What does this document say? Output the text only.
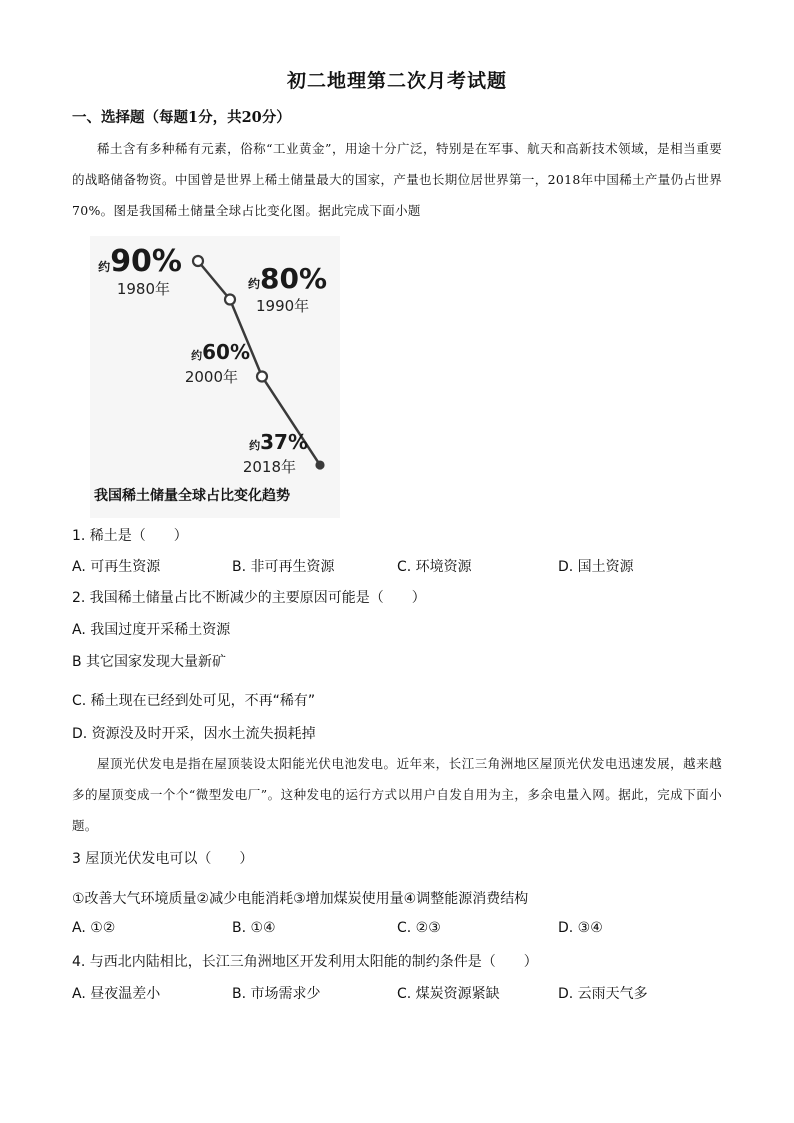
初二地理第二次月考试题
一、选择题（每题1分，共20分）
稀土含有多种稀有元素，俗称“工业黄金”，用途十分广泛，特别是在军事、航天和高新技术领域，是相当重要的战略储备物资。中国曾是世界上稀土储量最大的国家，产量也长期位居世界第一，2018年中国稀土产量仍占世界70%。图是我国稀土储量全球占比变化图。据此完成下面小题
约90%
1980年	约80%
1990年
约60%
2000年
约37%
2018年
我国稀土储量全球占比变化趋势
1. 稀土是（　　）
A. 可再生资源	B. 非可再生资源	C. 环境资源	D. 国土资源
2. 我国稀土储量占比不断减少的主要原因可能是（　　）
A. 我国过度开采稀土资源
B 其它国家发现大量新矿
C. 稀土现在已经到处可见，不再“稀有”
D. 资源没及时开采，因水土流失损耗掉
屋顶光伏发电是指在屋顶装设太阳能光伏电池发电。近年来，长江三角洲地区屋顶光伏发电迅速发展，越来越多的屋顶变成一个个“微型发电厂”。这种发电的运行方式以用户自发自用为主，多余电量入网。据此，完成下面小题。
3 屋顶光伏发电可以（　　）
①改善大气环境质量②减少电能消耗③增加煤炭使用量④调整能源消费结构
A. ①②	B. ①④	C. ②③	D. ③④
4. 与西北内陆相比，长江三角洲地区开发利用太阳能的制约条件是（　　）
A. 昼夜温差小	B. 市场需求少	C. 煤炭资源紧缺	D. 云雨天气多
